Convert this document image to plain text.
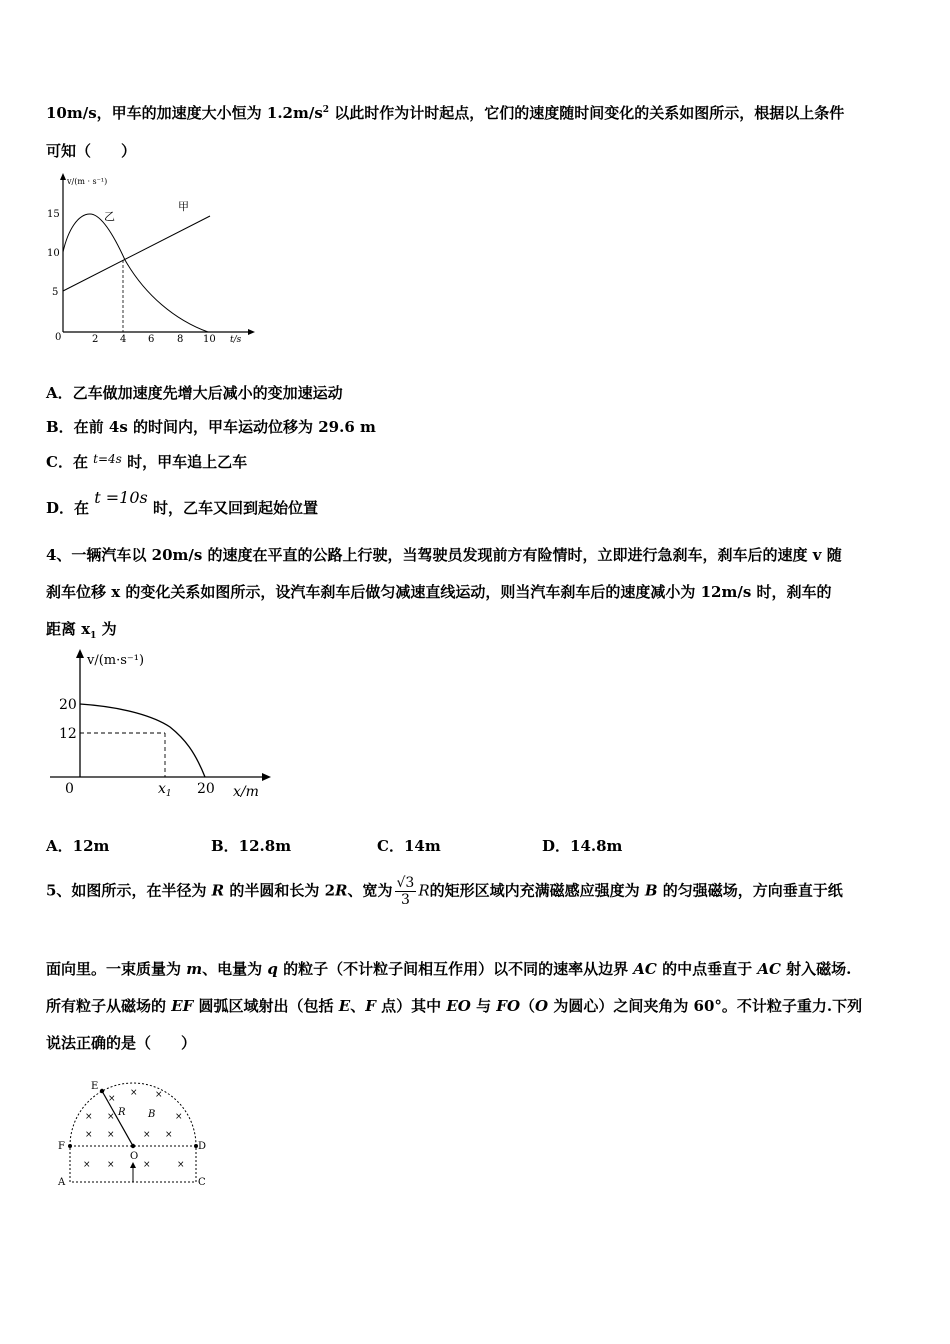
10m/s，甲车的加速度大小恒为 $1.2m/s^2$ 以此时作为计时起点，它们的速度随时间变化的关系如图所示，根据以上条件
可知（　　）
v/(m · s⁻¹)
t/s
0
5
10
15
2 4 6 8 10
甲
乙
A．乙车做加速度先增大后减小的变加速运动
B．在前 4s 的时间内，甲车运动位移为 29.6 m
C．在 $^{t=4s}$ 时，甲车追上乙车
D．在 t =10s 时，乙车又回到起始位置
4、一辆汽车以 20m/s 的速度在平直的公路上行驶，当驾驶员发现前方有险情时，立即进行急刹车，刹车后的速度 v 随
刹车位移 x 的变化关系如图所示，设汽车刹车后做匀减速直线运动，则当汽车刹车后的速度减小为 12m/s 时，刹车的
距离 $x_1$ 为
v/(m·s⁻¹)
x/m
0
20
12
$x_1$ 20
A．12m	B．12.8m	C．14m	D．14.8m
5、如图所示，在半径为 R 的半圆和长为 2R、宽为 $\frac{√3}{3}$ R的矩形区域内充满磁感应强度为 B 的匀强磁场，方向垂直于纸
面向里。一束质量为 m、电量为 q 的粒子（不计粒子间相互作用）以不同的速率从边界 AC 的中点垂直于 AC 射入磁场.
所有粒子从磁场的 EF 圆弧区域射出（包括 E、F 点）其中 EO 与 FO（O 为圆心）之间夹角为 60°。不计粒子重力.下列
说法正确的是（　　）
E
F	D
A	C
O
R B
×
× ×
× ×	×
× ×	× ×
× ×	×	×
